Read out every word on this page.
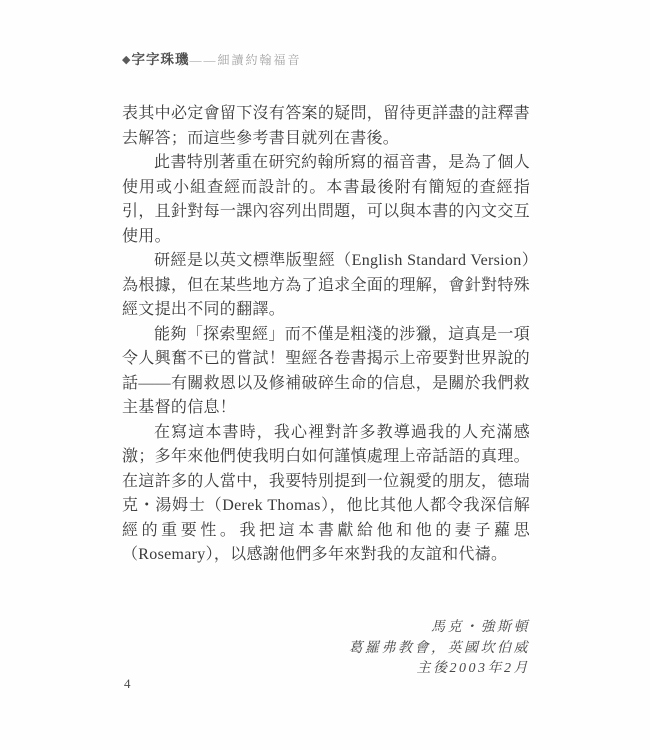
◆字字珠璣——細讀約翰福音

表其中必定會留下沒有答案的疑問，留待更詳盡的註釋書去解答；而這些參考書目就列在書後。

此書特別著重在研究約翰所寫的福音書，是為了個人使用或小組查經而設計的。本書最後附有簡短的查經指引，且針對每一課內容列出問題，可以與本書的內文交互使用。

研經是以英文標準版聖經（English Standard Version）為根據，但在某些地方為了追求全面的理解，會針對特殊經文提出不同的翻譯。

能夠「探索聖經」而不僅是粗淺的涉獵，這真是一項令人興奮不已的嘗試！聖經各卷書揭示上帝要對世界說的話——有關救恩以及修補破碎生命的信息，是關於我們救主基督的信息！

在寫這本書時，我心裡對許多教導過我的人充滿感激；多年來他們使我明白如何謹慎處理上帝話語的真理。在這許多的人當中，我要特別提到一位親愛的朋友，德瑞克・湯姆士（Derek Thomas），他比其他人都令我深信解經的重要性。我把這本書獻給他和他的妻子蘿思（Rosemary），以感謝他們多年來對我的友誼和代禱。

馬克・強斯頓
葛羅弗教會，英國坎伯威
主後2003年2月
4
